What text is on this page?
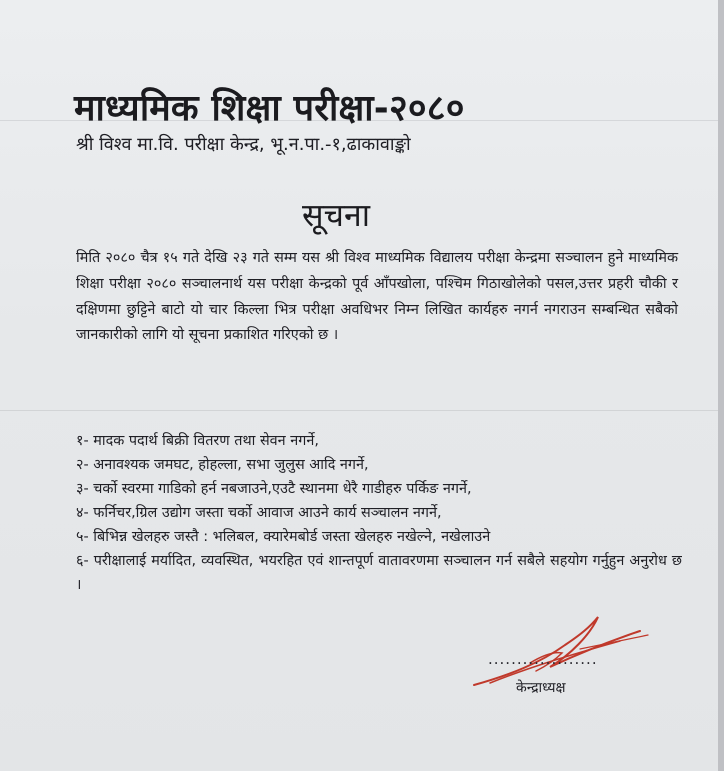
माध्यमिक शिक्षा परीक्षा-२०८०
श्री विश्व मा.वि. परीक्षा केन्द्र, भू.न.पा.-१,ढाकावाङ्को
सूचना
मिति २०८० चैत्र १५ गते देखि २३ गते सम्म यस श्री विश्व माध्यमिक विद्यालय परीक्षा केन्द्रमा सञ्चालन हुने माध्यमिक शिक्षा परीक्षा २०८० सञ्चालनार्थ यस परीक्षा केन्द्रको पूर्व आँपखोला, पश्चिम गिठाखोलेको पसल,उत्तर प्रहरी चौकी र दक्षिणमा छुट्टिने बाटो यो चार किल्ला भित्र परीक्षा अवधिभर निम्न लिखित कार्यहरु नगर्न नगराउन सम्बन्धित सबैको जानकारीको लागि यो सूचना प्रकाशित गरिएको छ ।
१- मादक पदार्थ बिक्री वितरण तथा सेवन नगर्ने,
२- अनावश्यक जमघट, होहल्ला, सभा जुलुस आदि नगर्ने,
३- चर्को स्वरमा गाडिको हर्न नबजाउने,एउटै स्थानमा धेरै गाडीहरु पर्किङ नगर्ने,
४- फर्निचर,ग्रिल उद्योग जस्ता चर्को आवाज आउने कार्य सञ्चालन नगर्ने,
५- बिभिन्न खेलहरु जस्तै : भलिबल, क्यारेमबोर्ड जस्ता खेलहरु नखेल्ने, नखेलाउने
६- परीक्षालाई मर्यादित, व्यवस्थित, भयरहित एवं शान्तपूर्ण वातावरणमा सञ्चालन गर्न सबैले सहयोग गर्नुहुन अनुरोध छ ।
...................
केन्द्राध्यक्ष
